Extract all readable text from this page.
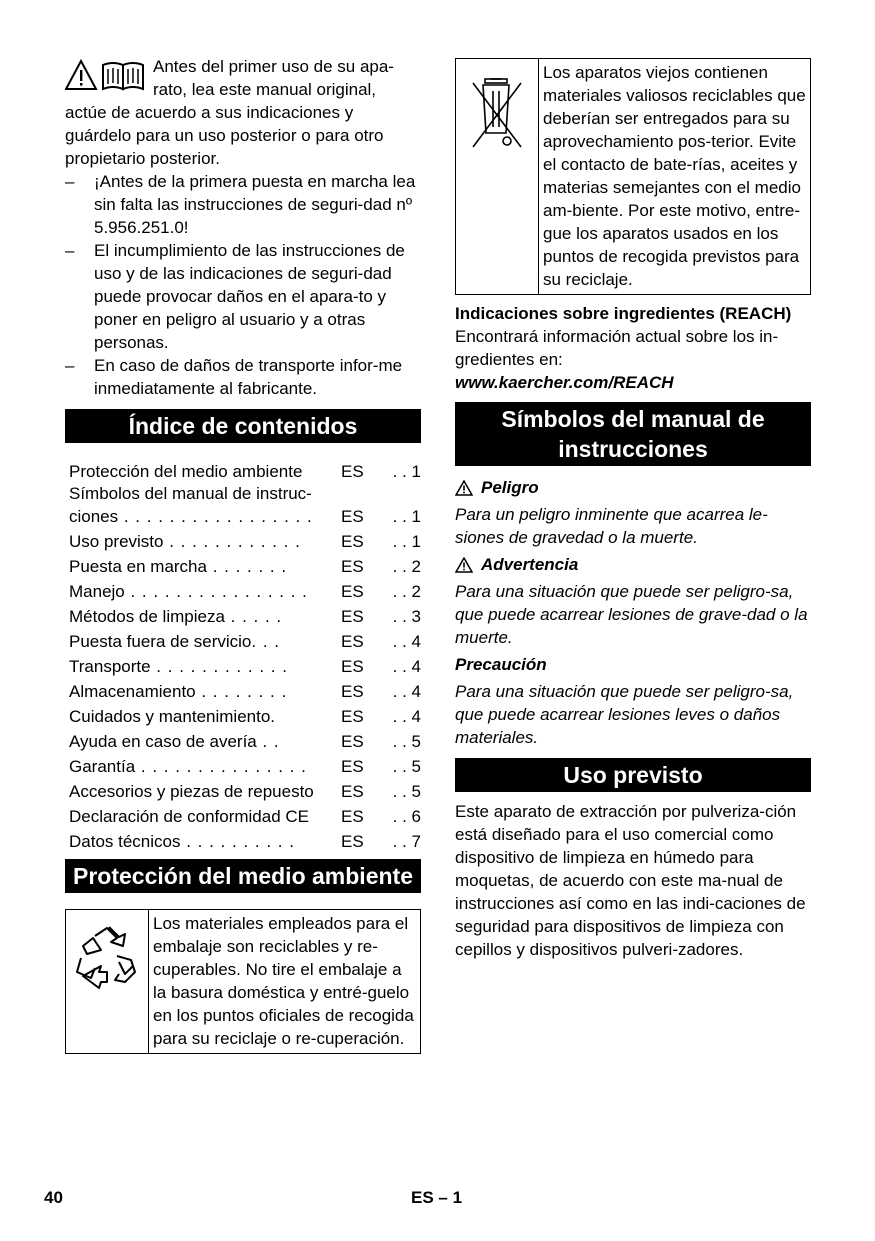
Antes del primer uso de su apa-

rato, lea este manual original,

actúe de acuerdo a sus indicaciones y guárdelo para un uso posterior o para otro propietario posterior.

– ¡Antes de la primera puesta en marcha lea sin falta las instrucciones de seguri-dad nº 5.956.251.0!
– El incumplimiento de las instrucciones de uso y de las indicaciones de seguri-dad puede provocar daños en el apara-to y poner en peligro al usuario y a otras personas.
– En caso de daños de transporte infor-me inmediatamente al fabricante.
Índice de contenidos
Protección del medio ambiente	ES	. . 1
Símbolos del manual de instruc-
ciones . . . . . . . . . . . . . . . . .	ES	. . 1
Uso previsto . . . . . . . . . . . .	ES	. . 1
Puesta en marcha . . . . . . .	ES	. . 2
Manejo . . . . . . . . . . . . . . . .	ES	. . 2
Métodos de limpieza . . . . .	ES	. . 3
Puesta fuera de servicio. . .	ES	. . 4
Transporte . . . . . . . . . . . .	ES	. . 4
Almacenamiento . . . . . . . .	ES	. . 4
Cuidados y mantenimiento.	ES	. . 4
Ayuda en caso de avería . .	ES	. . 5
Garantía . . . . . . . . . . . . . . .	ES	. . 5
Accesorios y piezas de repuesto	ES	. . 5
Declaración de conformidad CE	ES	. . 6
Datos técnicos . . . . . . . . . .	ES	. . 7
Protección del medio ambiente

Los materiales empleados para el embalaje son reciclables y re-cuperables. No tire el embalaje a la basura doméstica y entré-guelo en los puntos oficiales de recogida para su reciclaje o re-cuperación.

Los aparatos viejos contienen materiales valiosos reciclables que deberían ser entregados para su aprovechamiento pos-terior. Evite el contacto de bate-rías, aceites y materias semejantes con el medio am-biente. Por este motivo, entre-gue los aparatos usados en los puntos de recogida previstos para su reciclaje.

Indicaciones sobre ingredientes (REACH)

Encontrará información actual sobre los in-gredientes en:

www.kaercher.com/REACH

Símbolos del manual de instrucciones
Peligro

Para un peligro inminente que acarrea le-siones de gravedad o la muerte.

Advertencia

Para una situación que puede ser peligro-sa, que puede acarrear lesiones de grave-dad o la muerte.

Precaución

Para una situación que puede ser peligro-sa, que puede acarrear lesiones leves o daños materiales.

Uso previsto

Este aparato de extracción por pulveriza-ción está diseñado para el uso comercial como dispositivo de limpieza en húmedo para moquetas, de acuerdo con este ma-nual de instrucciones así como en las indi-caciones de seguridad para dispositivos de limpieza con cepillos y dispositivos pulveri-zadores.

40	ES – 1
